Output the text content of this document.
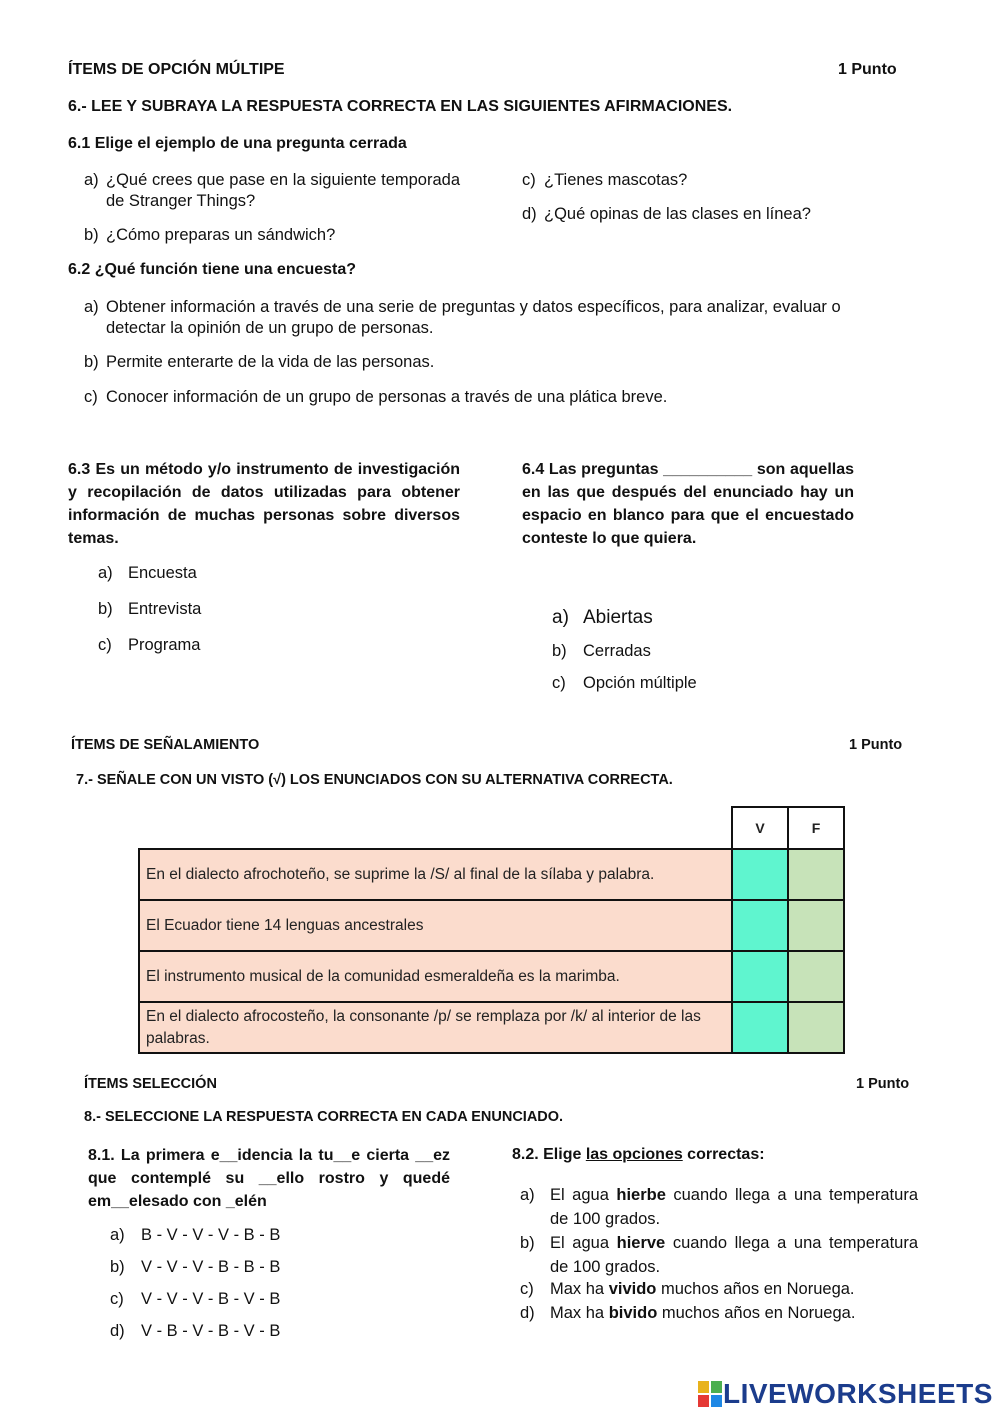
ÍTEMS DE OPCIÓN MÚLTIPE	1 Punto
6.- LEE Y SUBRAYA LA RESPUESTA CORRECTA EN LAS SIGUIENTES AFIRMACIONES.
6.1 Elige el ejemplo de una pregunta cerrada
a) ¿Qué crees que pase en la siguiente temporada de Stranger Things?
b) ¿Cómo preparas un sándwich?
c) ¿Tienes mascotas?
d) ¿Qué opinas de las clases en línea?
6.2 ¿Qué función tiene una encuesta?
a) Obtener información a través de una serie de preguntas y datos específicos, para analizar, evaluar o detectar la opinión de un grupo de personas.
b) Permite enterarte de la vida de las personas.
c) Conocer información de un grupo de personas a través de una plática breve.
6.3 Es un método y/o instrumento de investigación y recopilación de datos utilizadas para obtener información de muchas personas sobre diversos temas.
a) Encuesta
b) Entrevista
c) Programa
6.4 Las preguntas __________ son aquellas en las que después del enunciado hay un espacio en blanco para que el encuestado conteste lo que quiera.
a) Abiertas
b) Cerradas
c)	Opción múltiple
ÍTEMS DE SEÑALAMIENTO	1 Punto
7.- SEÑALE CON UN VISTO (√) LOS ENUNCIADOS CON SU ALTERNATIVA CORRECTA.
	V	F
En el dialecto afrochoteño, se suprime la /S/ al final de la sílaba y palabra.		
El Ecuador tiene 14 lenguas ancestrales		
El instrumento musical de la comunidad esmeraldeña es la marimba.		
En el dialecto afrocosteño, la consonante /p/ se remplaza por /k/ al interior de las palabras.		
ÍTEMS SELECCIÓN	1 Punto
8.- SELECCIONE LA RESPUESTA CORRECTA EN CADA ENUNCIADO.
8.1. La primera e__idencia la tu__e cierta __ez que contemplé su __ello rostro y quedé em__elesado con _elén
a) B - V - V - V - B - B
b) V - V - V - B - B - B
c)	V - V - V - B - V - B
d) V - B - V - B - V - B
8.2. Elige las opciones correctas:
a) El agua hierbe cuando llega a una temperatura de 100 grados.
b) El agua hierve cuando llega a una temperatura de 100 grados.
c) Max ha vivido muchos años en Noruega.
d) Max ha bivido muchos años en Noruega.
LIVEWORKSHEETS
